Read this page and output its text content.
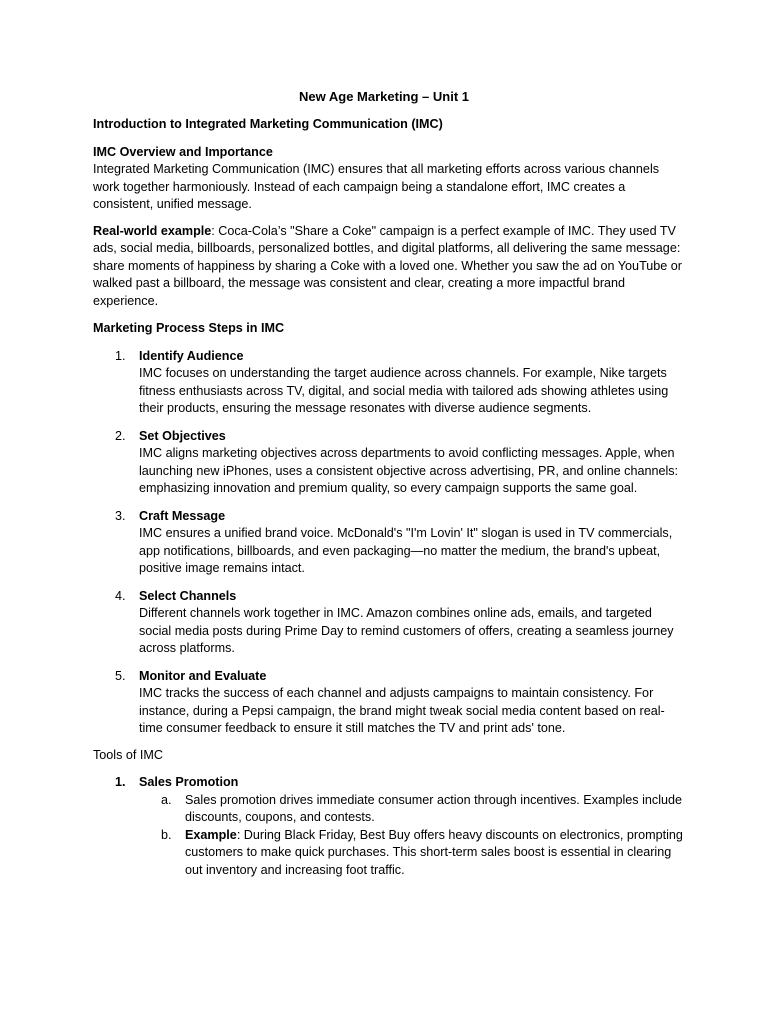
New Age Marketing – Unit 1

Introduction to Integrated Marketing Communication (IMC)

IMC Overview and Importance

Integrated Marketing Communication (IMC) ensures that all marketing efforts across various channels work together harmoniously. Instead of each campaign being a standalone effort, IMC creates a consistent, unified message.

Real-world example: Coca-Cola’s "Share a Coke" campaign is a perfect example of IMC. They used TV ads, social media, billboards, personalized bottles, and digital platforms, all delivering the same message: share moments of happiness by sharing a Coke with a loved one. Whether you saw the ad on YouTube or walked past a billboard, the message was consistent and clear, creating a more impactful brand experience.

Marketing Process Steps in IMC

1. Identify Audience
IMC focuses on understanding the target audience across channels. For example, Nike targets fitness enthusiasts across TV, digital, and social media with tailored ads showing athletes using their products, ensuring the message resonates with diverse audience segments.
2. Set Objectives
IMC aligns marketing objectives across departments to avoid conflicting messages. Apple, when launching new iPhones, uses a consistent objective across advertising, PR, and online channels: emphasizing innovation and premium quality, so every campaign supports the same goal.
3. Craft Message
IMC ensures a unified brand voice. McDonald's "I'm Lovin' It" slogan is used in TV commercials, app notifications, billboards, and even packaging—no matter the medium, the brand's upbeat, positive image remains intact.
4. Select Channels
Different channels work together in IMC. Amazon combines online ads, emails, and targeted social media posts during Prime Day to remind customers of offers, creating a seamless journey across platforms.
5. Monitor and Evaluate
IMC tracks the success of each channel and adjusts campaigns to maintain consistency. For instance, during a Pepsi campaign, the brand might tweak social media content based on real-time consumer feedback to ensure it still matches the TV and print ads' tone.

Tools of IMC

1. Sales Promotion
a. Sales promotion drives immediate consumer action through incentives. Examples include discounts, coupons, and contests.
b. Example: During Black Friday, Best Buy offers heavy discounts on electronics, prompting customers to make quick purchases. This short-term sales boost is essential in clearing out inventory and increasing foot traffic.
